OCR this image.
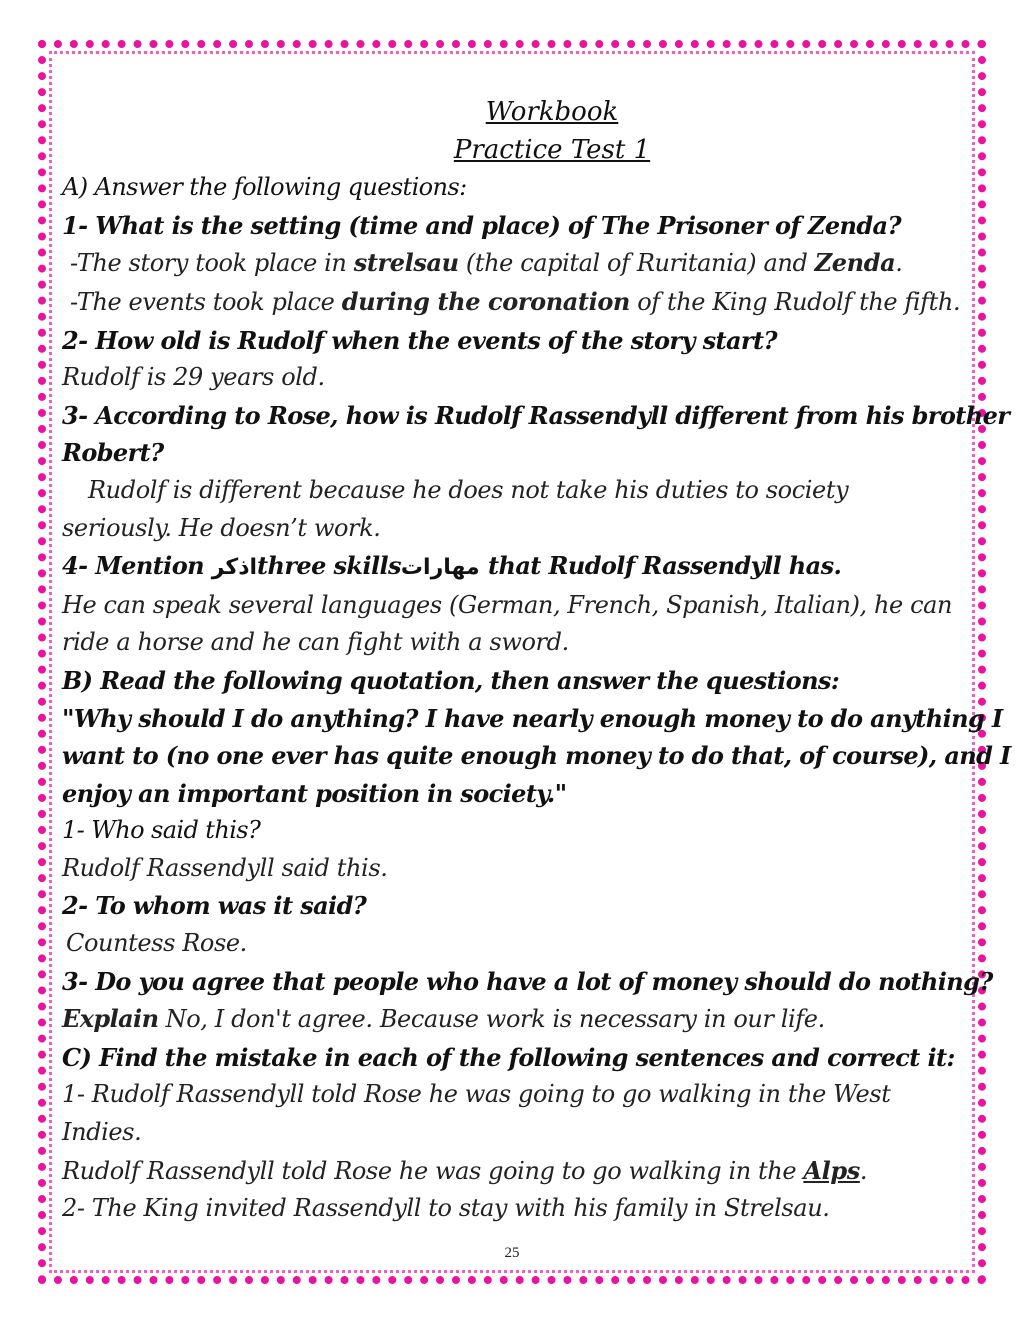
Workbook
Practice Test 1
A) Answer the following questions:
1- What is the setting (time and place) of The Prisoner of Zenda?
-The story took place in strelsau (the capital of Ruritania) and Zenda.
-The events took place during the coronation of the King Rudolf the fifth.
2- How old is Rudolf when the events of the story start?
Rudolf is 29 years old.
3- According to Rose, how is Rudolf Rassendyll different from his brother
Robert?
Rudolf is different because he does not take his duties to society
seriously. He doesn’t work.
4- Mention اذكرthree skillsمهارات that Rudolf Rassendyll has.
He can speak several languages (German, French, Spanish, Italian), he can
ride a horse and he can fight with a sword.
B) Read the following quotation, then answer the questions:
"Why should I do anything? I have nearly enough money to do anything I
want to (no one ever has quite enough money to do that, of course), and I
enjoy an important position in society."
1- Who said this?
Rudolf Rassendyll said this.
2- To whom was it said?
Countess Rose.
3- Do you agree that people who have a lot of money should do nothing?
Explain No, I don't agree. Because work is necessary in our life.
C) Find the mistake in each of the following sentences and correct it:
1- Rudolf Rassendyll told Rose he was going to go walking in the West
Indies.
Rudolf Rassendyll told Rose he was going to go walking in the Alps.
2- The King invited Rassendyll to stay with his family in Strelsau.
25
